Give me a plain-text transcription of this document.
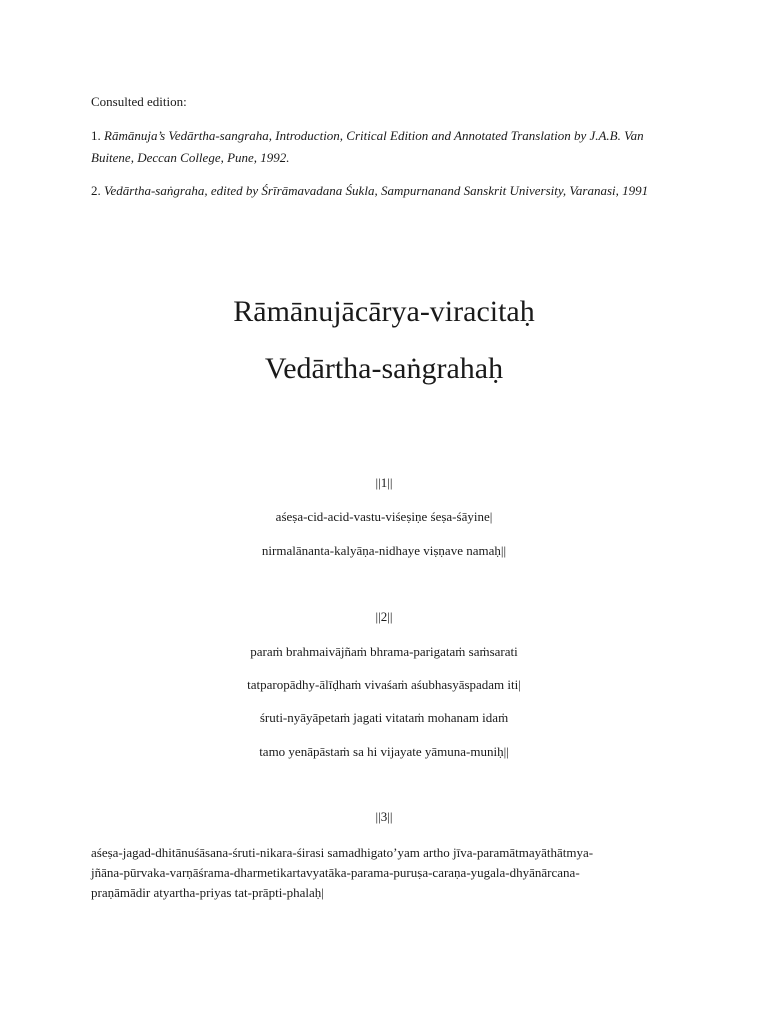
Consulted edition:
1. Rāmānuja’s Vedārtha-sangraha, Introduction, Critical Edition and Annotated Translation by J.A.B. Van Buitene, Deccan College, Pune, 1992.
2. Vedārtha-saṅgraha, edited by Śrīrāmavadana Śukla, Sampurnanand Sanskrit University, Varanasi, 1991
Rāmānujācārya-viracitaḥ
Vedārtha-saṅgrahaḥ
||1||
aśeṣa-cid-acid-vastu-viśeṣiṇe śeṣa-śāyine|
nirmalānanta-kalyāṇa-nidhaye viṣṇave namaḥ||
||2||
paraṁ brahmaivājñaṁ bhrama-parigataṁ saṁsarati
tatparopādhy-ālīḍhaṁ vivaśaṁ aśubhasyāspadam iti|
śruti-nyāyāpetaṁ jagati vitataṁ mohanam idaṁ
tamo yenāpāstaṁ sa hi vijayate yāmuna-muniḥ||
||3||
aśeṣa-jagad-dhitānuśāsana-śruti-nikara-śirasi samadhigato’yam artho jīva-paramātmayāthātmya-
jñāna-pūrvaka-varṇāśrama-dharmetikartavyatāka-parama-puruṣa-caraṇa-yugala-dhyānārcana-
praṇāmādir atyartha-priyas tat-prāpti-phalaḥ|
